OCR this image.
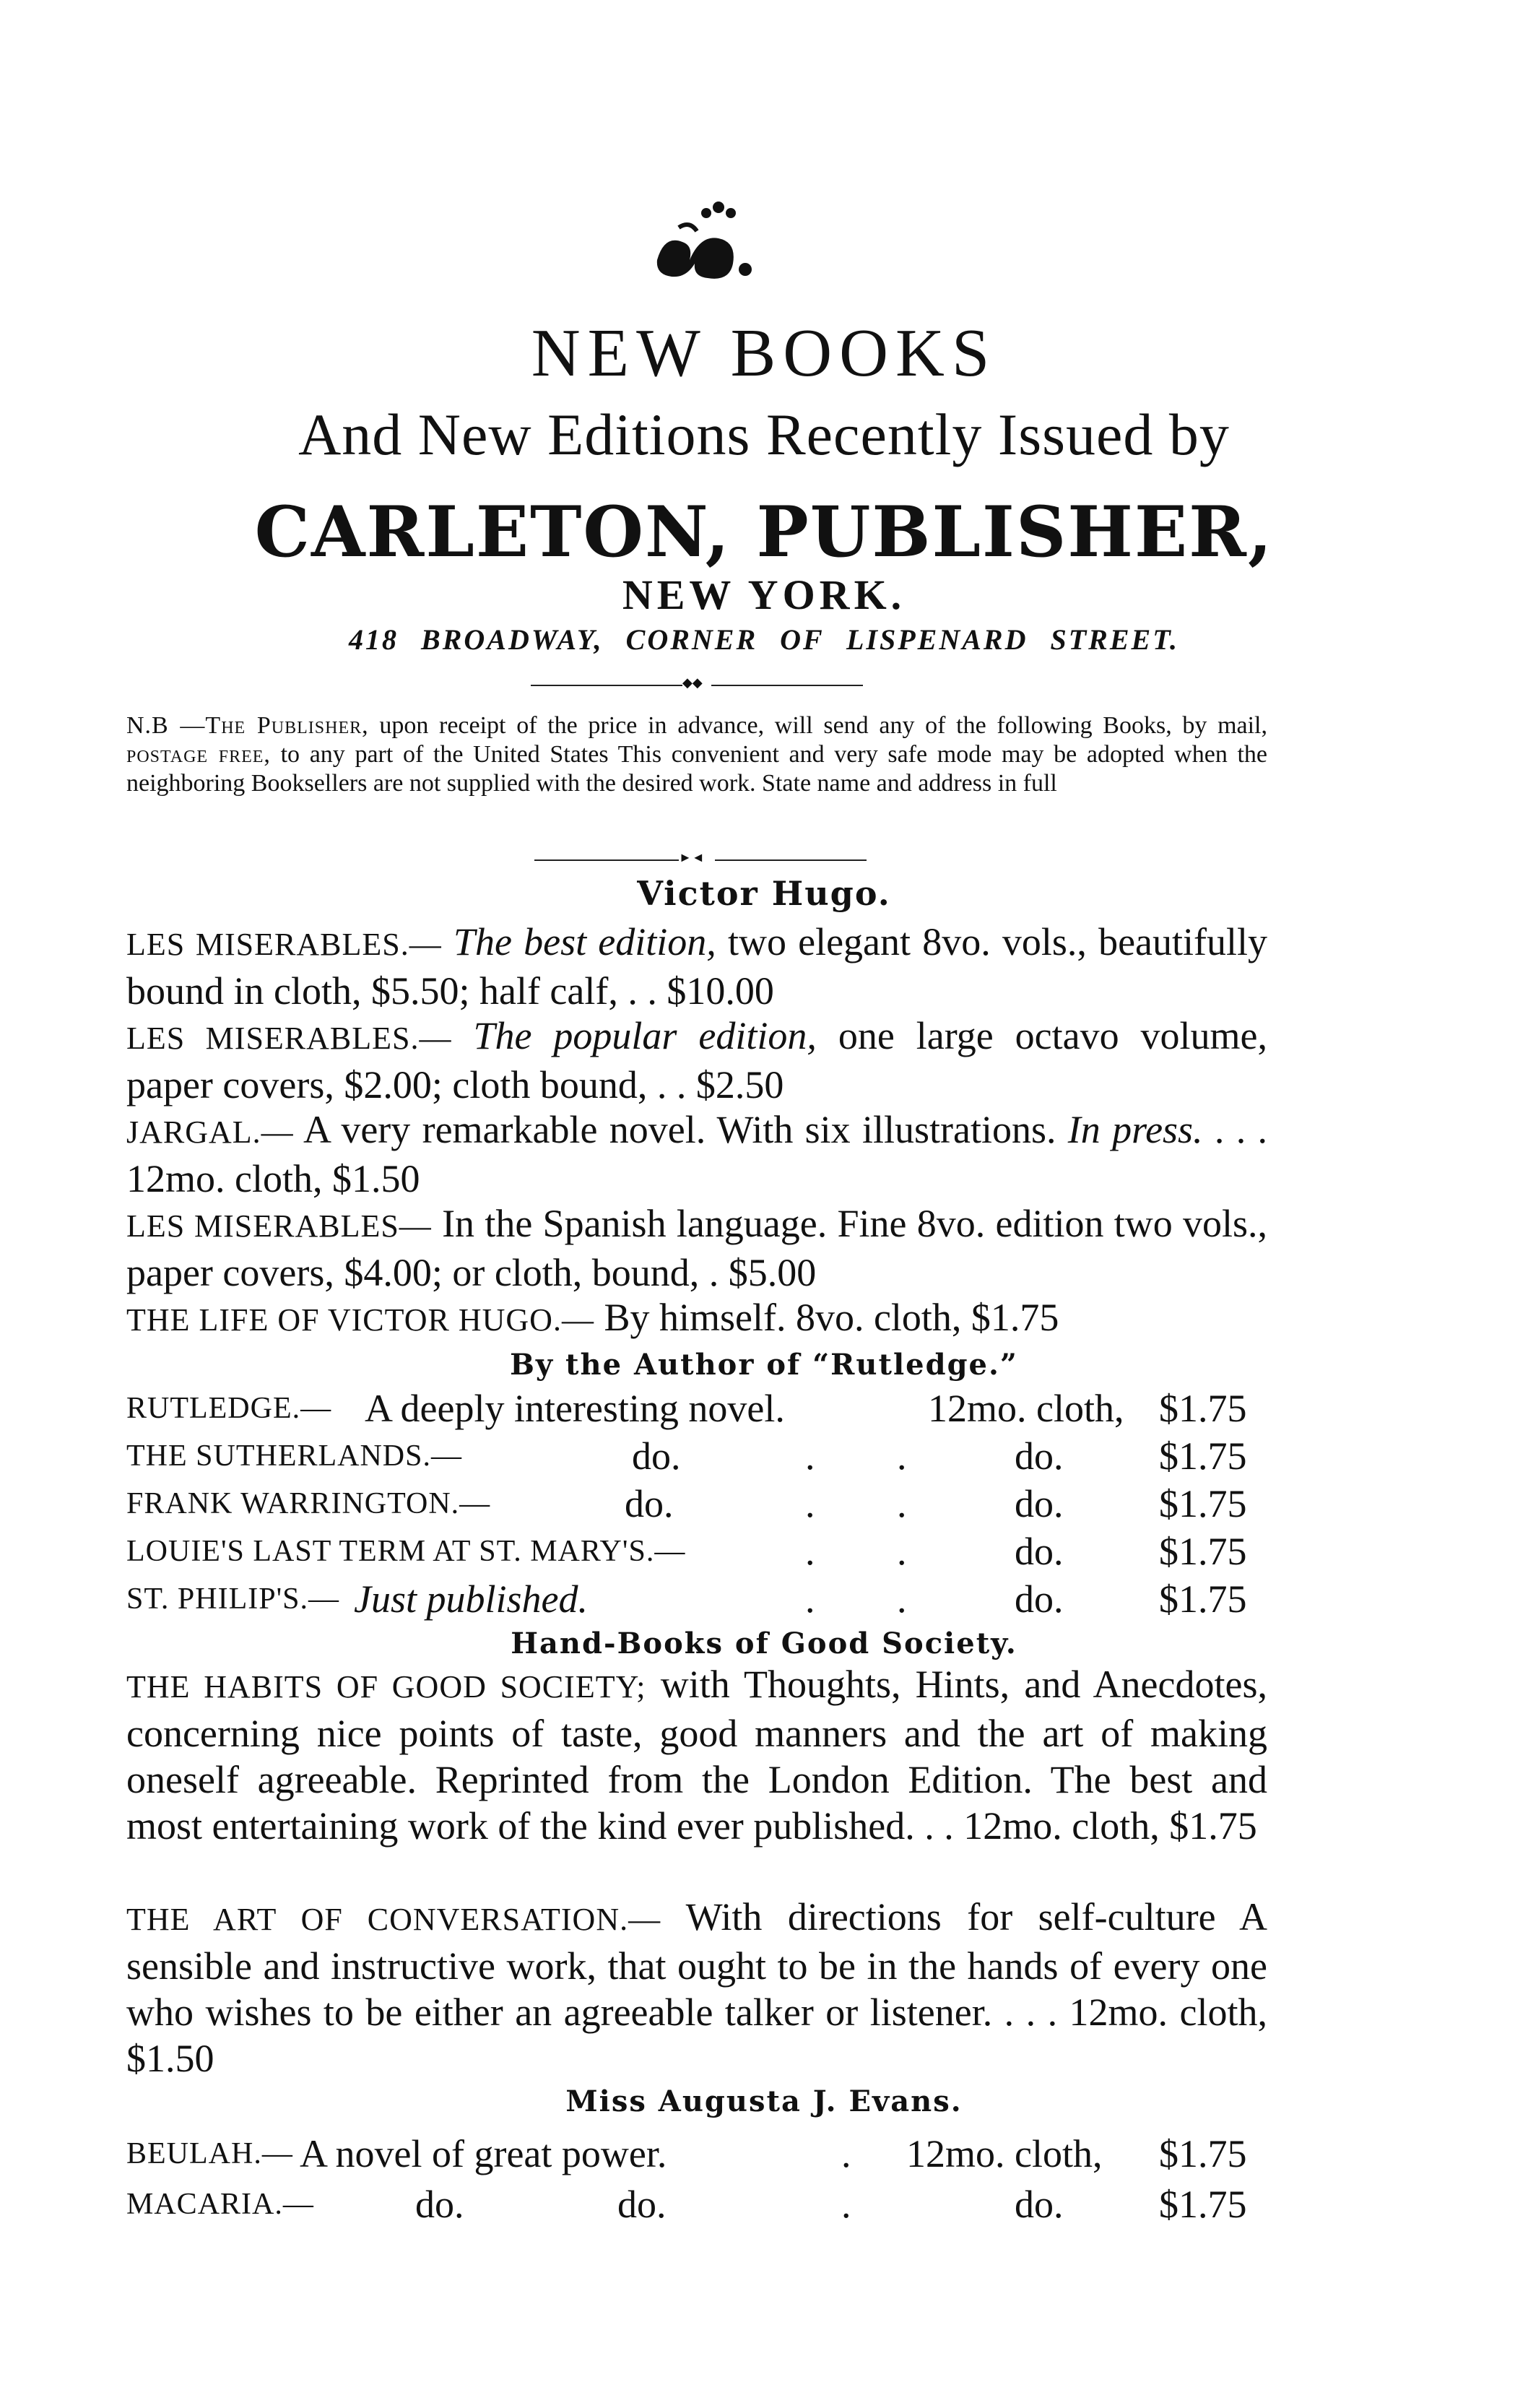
NEW BOOKS
And New Editions Recently Issued by
CARLETON, PUBLISHER,
NEW YORK.
418 BROADWAY, CORNER OF LISPENARD STREET.
◆◆
N.B —The Publisher, upon receipt of the price in advance, will send any of the following Books, by mail, postage free, to any part of the United States This convenient and very safe mode may be adopted when the neighboring Booksellers are not supplied with the desired work. State name and address in full
►◄
Victor Hugo.
LES MISERABLES.— The best edition, two elegant 8vo. vols., beautifully bound in cloth, $5.50; half calf, . . $10.00
LES MISERABLES.— The popular edition, one large octavo volume, paper covers, $2.00; cloth bound, . . $2.50
JARGAL.— A very remarkable novel. With six illustrations. In press. . . . 12mo. cloth, $1.50
LES MISERABLES— In the Spanish language. Fine 8vo. edition two vols., paper covers, $4.00; or cloth, bound, . $5.00
THE LIFE OF VICTOR HUGO.— By himself. 8vo. cloth, $1.75
By the Author of “Rutledge.”
RUTLEDGE.— A deeply interesting novel.	12mo. cloth, $1.75
THE SUTHERLANDS.—	do.	. . do. $1.75
FRANK WARRINGTON.—	do.	. . do. $1.75
LOUIE'S LAST TERM AT ST. MARY'S.—	. . do. $1.75
ST. PHILIP'S.— Just published.	. . do. $1.75
Hand-Books of Good Society.
THE HABITS OF GOOD SOCIETY; with Thoughts, Hints, and Anecdotes, concerning nice points of taste, good manners and the art of making oneself agreeable. Reprinted from the London Edition. The best and most entertaining work of the kind ever published. . . 12mo. cloth, $1.75
THE ART OF CONVERSATION.— With directions for self-culture A sensible and instructive work, that ought to be in the hands of every one who wishes to be either an agreeable talker or listener. . . . 12mo. cloth, $1.50
Miss Augusta J. Evans.
BEULAH.— A novel of great power.	. 12mo. cloth, $1.75
MACARIA.—	do.	do.	.	do. $1.75
